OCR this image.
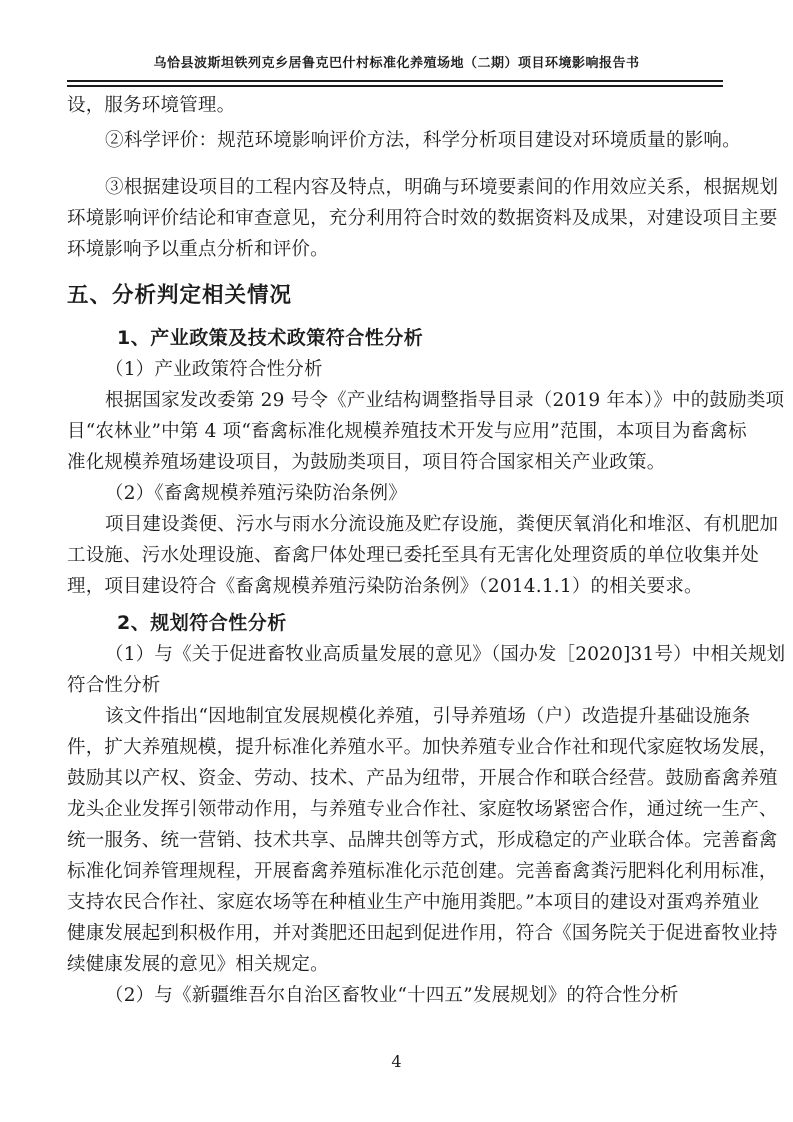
乌恰县波斯坦铁列克乡居鲁克巴什村标准化养殖场地（二期）项目环境影响报告书
设，服务环境管理。
②科学评价：规范环境影响评价方法，科学分析项目建设对环境质量的影响。
③根据建设项目的工程内容及特点，明确与环境要素间的作用效应关系，根据规划
环境影响评价结论和审查意见，充分利用符合时效的数据资料及成果，对建设项目主要
环境影响予以重点分析和评价。
五、分析判定相关情况
1、产业政策及技术政策符合性分析
（1）产业政策符合性分析
根据国家发改委第 29 号令《产业结构调整指导目录（2019 年本）》中的鼓励类项
目“农林业”中第 4 项“畜禽标准化规模养殖技术开发与应用”范围，本项目为畜禽标
准化规模养殖场建设项目，为鼓励类项目，项目符合国家相关产业政策。
（2）《畜禽规模养殖污染防治条例》
项目建设粪便、污水与雨水分流设施及贮存设施，粪便厌氧消化和堆沤、有机肥加
工设施、污水处理设施、畜禽尸体处理已委托至具有无害化处理资质的单位收集并处
理，项目建设符合《畜禽规模养殖污染防治条例》（2014.1.1）的相关要求。
2、规划符合性分析
（1）与《关于促进畜牧业高质量发展的意见》（国办发［2020]31号）中相关规划
符合性分析
该文件指出“因地制宜发展规模化养殖，引导养殖场（户）改造提升基础设施条
件，扩大养殖规模，提升标准化养殖水平。加快养殖专业合作社和现代家庭牧场发展，
鼓励其以产权、资金、劳动、技术、产品为纽带，开展合作和联合经营。鼓励畜禽养殖
龙头企业发挥引领带动作用，与养殖专业合作社、家庭牧场紧密合作，通过统一生产、
统一服务、统一营销、技术共享、品牌共创等方式，形成稳定的产业联合体。完善畜禽
标准化饲养管理规程，开展畜禽养殖标准化示范创建。完善畜禽粪污肥料化利用标准，
支持农民合作社、家庭农场等在种植业生产中施用粪肥。”本项目的建设对蛋鸡养殖业
健康发展起到积极作用，并对粪肥还田起到促进作用，符合《国务院关于促进畜牧业持
续健康发展的意见》相关规定。
（2）与《新疆维吾尔自治区畜牧业“十四五”发展规划》的符合性分析
4
